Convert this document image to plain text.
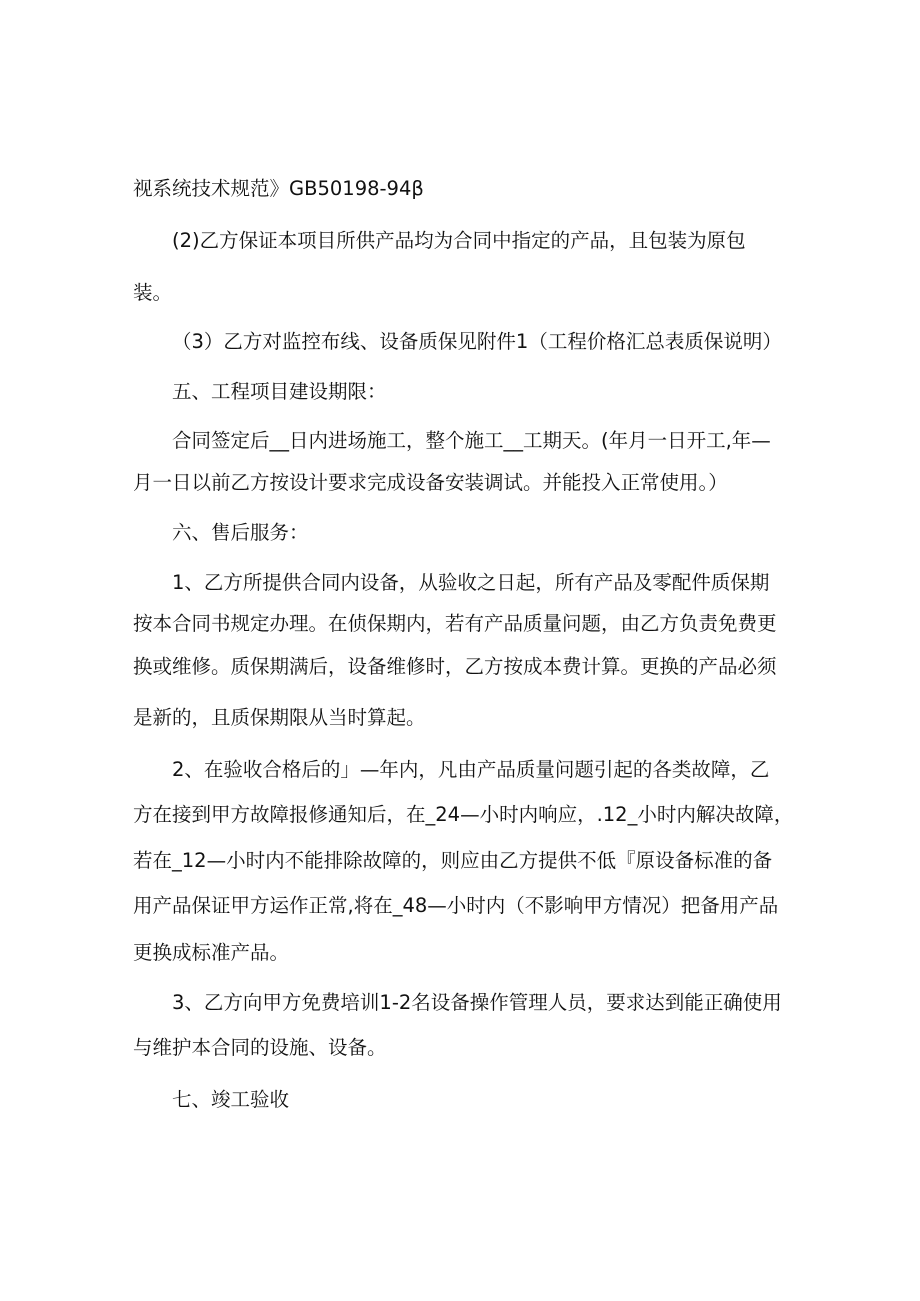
视系统技术规范》GB50198-94β
(2)乙方保证本项目所供产品均为合同中指定的产品，且包装为原包
装。
（3）乙方对监控布线、设备质保见附件1（工程价格汇总表质保说明）
五、工程项目建设期限：
合同签定后__日内进场施工，整个施工__工期天。(年月一日开工,年—
月一日以前乙方按设计要求完成设备安装调试。并能投入正常使用。）
六、售后服务：
1、乙方所提供合同内设备，从验收之日起，所有产品及零配件质保期
按本合同书规定办理。在侦保期内，若有产品质量问题，由乙方负责免费更
换或维修。质保期满后，设备维修时，乙方按成本费计算。更换的产品必须
是新的，且质保期限从当时算起。
2、在验收合格后的」—年内，凡由产品质量问题引起的各类故障，乙
方在接到甲方故障报修通知后，在_24—小时内响应，.12_小时内解决故障，
若在_12—小时内不能排除故障的，则应由乙方提供不低『原设备标准的备
用产品保证甲方运作正常,将在_48—小时内（不影响甲方情况）把备用产品
更换成标准产品。
3、乙方向甲方免费培训1-2名设备操作管理人员，要求达到能正确使用
与维护本合同的设施、设备。
七、竣工验收
